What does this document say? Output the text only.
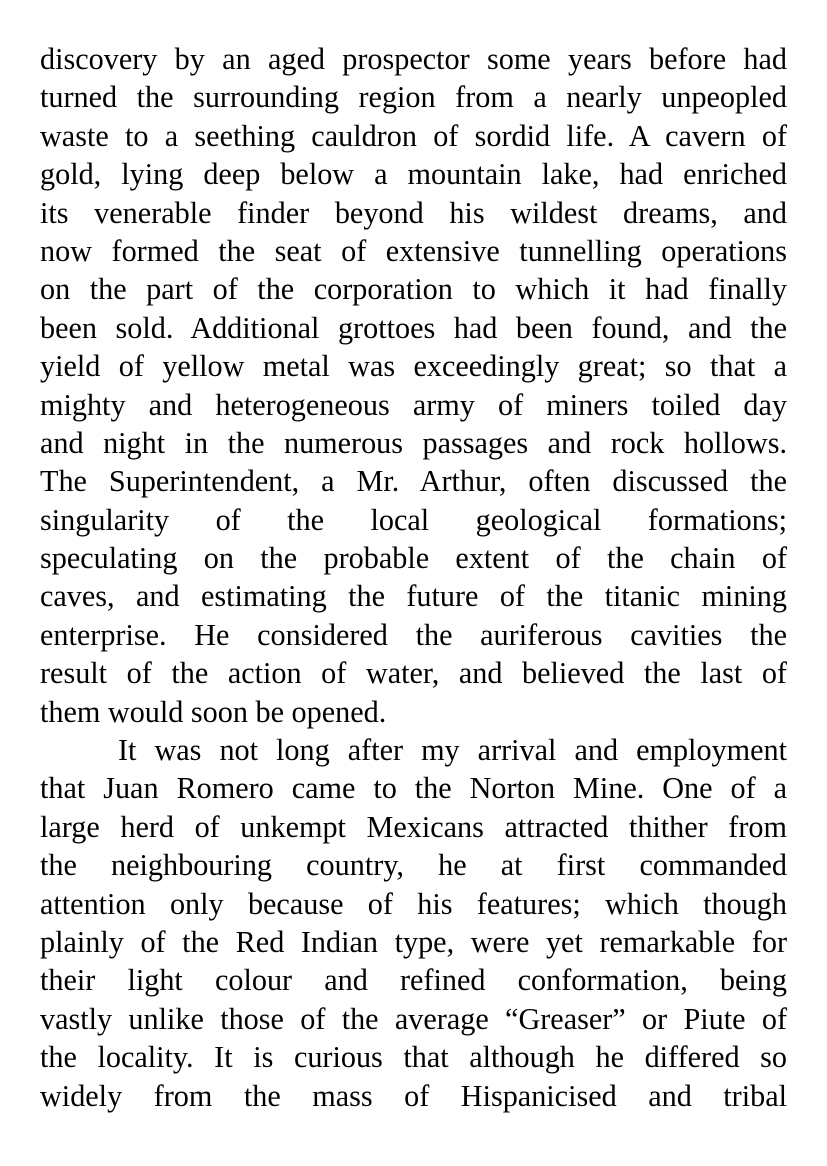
discovery by an aged prospector some years before had
turned the surrounding region from a nearly unpeopled
waste to a seething cauldron of sordid life. A cavern of
gold, lying deep below a mountain lake, had enriched
its venerable finder beyond his wildest dreams, and
now formed the seat of extensive tunnelling operations
on the part of the corporation to which it had finally
been sold. Additional grottoes had been found, and the
yield of yellow metal was exceedingly great; so that a
mighty and heterogeneous army of miners toiled day
and night in the numerous passages and rock hollows.
The Superintendent, a Mr. Arthur, often discussed the
singularity of the local geological formations;
speculating on the probable extent of the chain of
caves, and estimating the future of the titanic mining
enterprise. He considered the auriferous cavities the
result of the action of water, and believed the last of
them would soon be opened.
It was not long after my arrival and employment
that Juan Romero came to the Norton Mine. One of a
large herd of unkempt Mexicans attracted thither from
the neighbouring country, he at first commanded
attention only because of his features; which though
plainly of the Red Indian type, were yet remarkable for
their light colour and refined conformation, being
vastly unlike those of the average “Greaser” or Piute of
the locality. It is curious that although he differed so
widely from the mass of Hispanicised and tribal
